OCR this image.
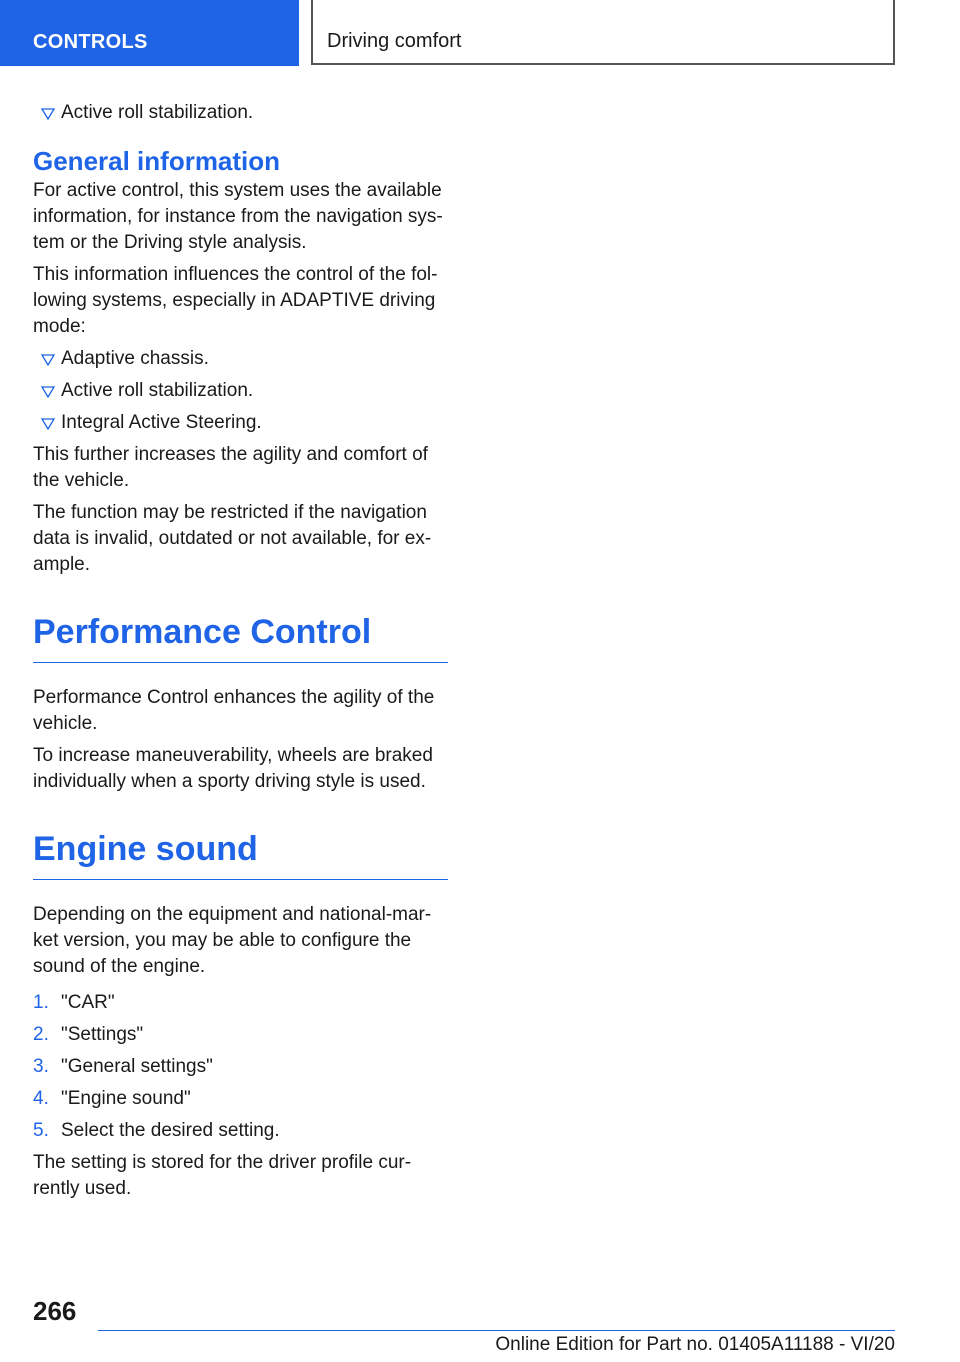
CONTROLS	Driving comfort
Active roll stabilization.
General information

For active control, this system uses the available information, for instance from the navigation sys-tem or the Driving style analysis.

This information influences the control of the fol-lowing systems, especially in ADAPTIVE driving mode:

Adaptive chassis.
Active roll stabilization.
Integral Active Steering.

This further increases the agility and comfort of the vehicle.

The function may be restricted if the navigation data is invalid, outdated or not available, for ex-ample.

Performance Control

Performance Control enhances the agility of the vehicle.

To increase maneuverability, wheels are braked individually when a sporty driving style is used.

Engine sound

Depending on the equipment and national-mar-ket version, you may be able to configure the sound of the engine.

1. "CAR"
2. "Settings"
3. "General settings"
4. "Engine sound"
5. Select the desired setting.

The setting is stored for the driver profile cur-rently used.

266
Online Edition for Part no. 01405A11188 - VI/20
